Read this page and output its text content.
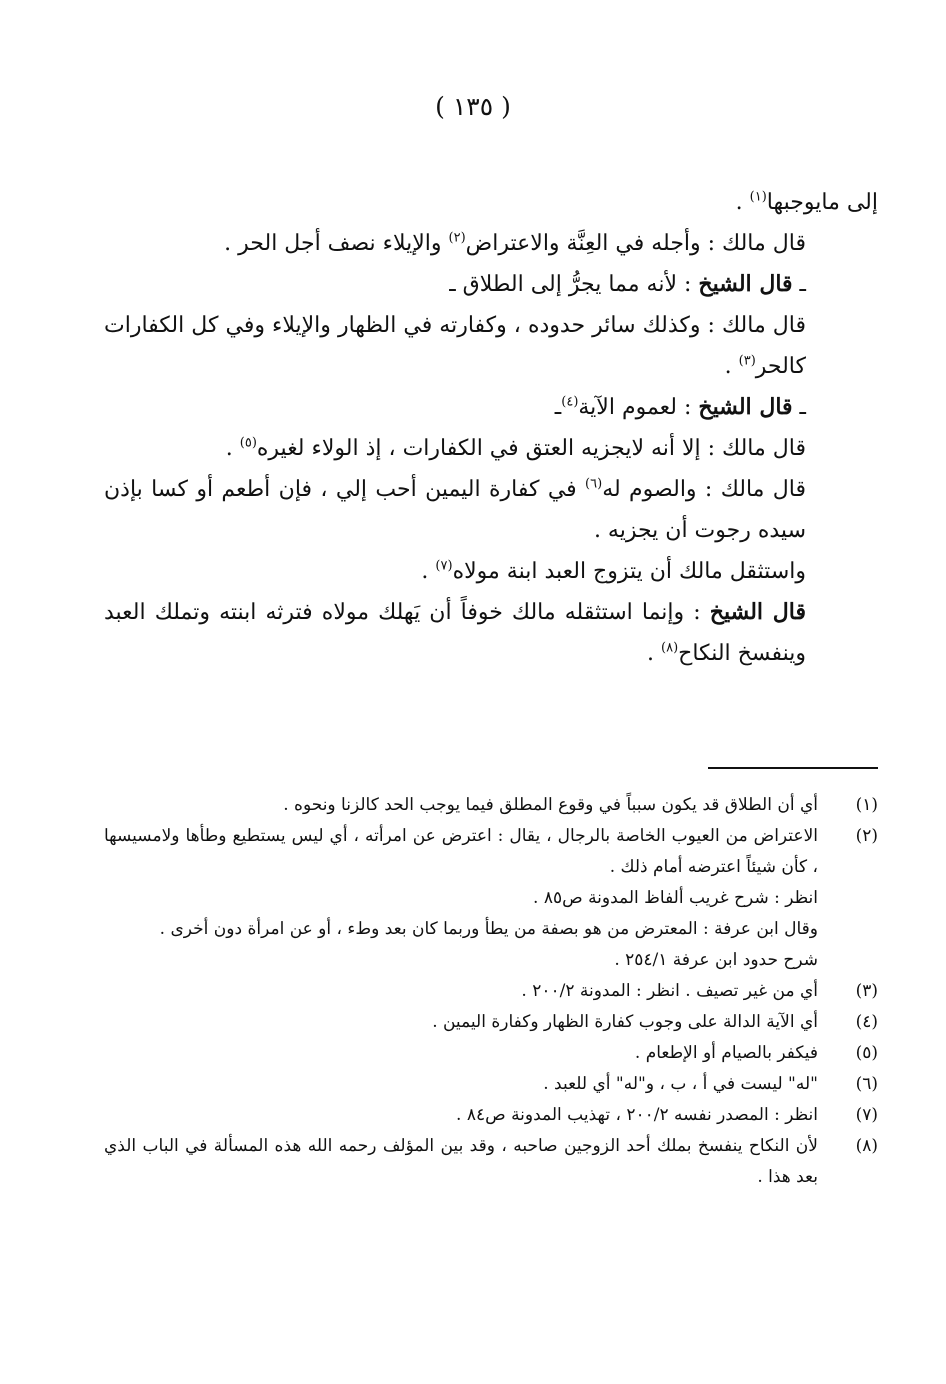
( ١٣٥ )

إلى مايوجبها$^{(١)}$ .

قال مالك : وأجله في العِنَّة والاعتراض$^{(٢)}$ والإيلاء نصف أجل الحر .

ـ قال الشيخ : لأنه مما يجرُّ إلى الطلاق ـ

قال مالك : وكذلك سائر حدوده ، وكفارته في الظهار والإيلاء وفي كل الكفارات كالحر$^{(٣)}$ .

ـ قال الشيخ : لعموم الآية$^{(٤)}$ـ

قال مالك : إلا أنه لايجزيه العتق في الكفارات ، إذ الولاء لغيره$^{(٥)}$ .

قال مالك : والصوم له$^{(٦)}$ في كفارة اليمين أحب إلي ، فإن أطعم أو كسا بإذن سيده رجوت أن يجزيه .

واستثقل مالك أن يتزوج العبد ابنة مولاه$^{(٧)}$ .

قال الشيخ : وإنما استثقله مالك خوفاً أن يَهلك مولاه فترثه ابنته وتملك العبد وينفسخ النكاح$^{(٨)}$ .

(١)
أي أن الطلاق قد يكون سبباً في وقوع المطلق فيما يوجب الحد كالزنا ونحوه .
(٢)
الاعتراض من العيوب الخاصة بالرجال ، يقال : اعترض عن امرأته ، أي ليس يستطيع وطأها ولامسيسها ، كأن شيئاً اعترضه أمام ذلك .
انظر : شرح غريب ألفاظ المدونة ص٨٥ .
وقال ابن عرفة : المعترض من هو بصفة من يطأ وربما كان بعد وطء ، أو عن امرأة دون أخرى .
شرح حدود ابن عرفة ٢٥٤/١ .
(٣)
أي من غير تصيف . انظر : المدونة ٢٠٠/٢ .
(٤)
أي الآية الدالة على وجوب كفارة الظهار وكفارة اليمين .
(٥)
فيكفر بالصيام أو الإطعام .
(٦)
"له" ليست في أ ، ب ، و"له" أي للعبد .
(٧)
انظر : المصدر نفسه ٢٠٠/٢ ، تهذيب المدونة ص٨٤ .
(٨)
لأن النكاح ينفسخ بملك أحد الزوجين صاحبه ، وقد بين المؤلف رحمه الله هذه المسألة في الباب الذي بعد هذا .
